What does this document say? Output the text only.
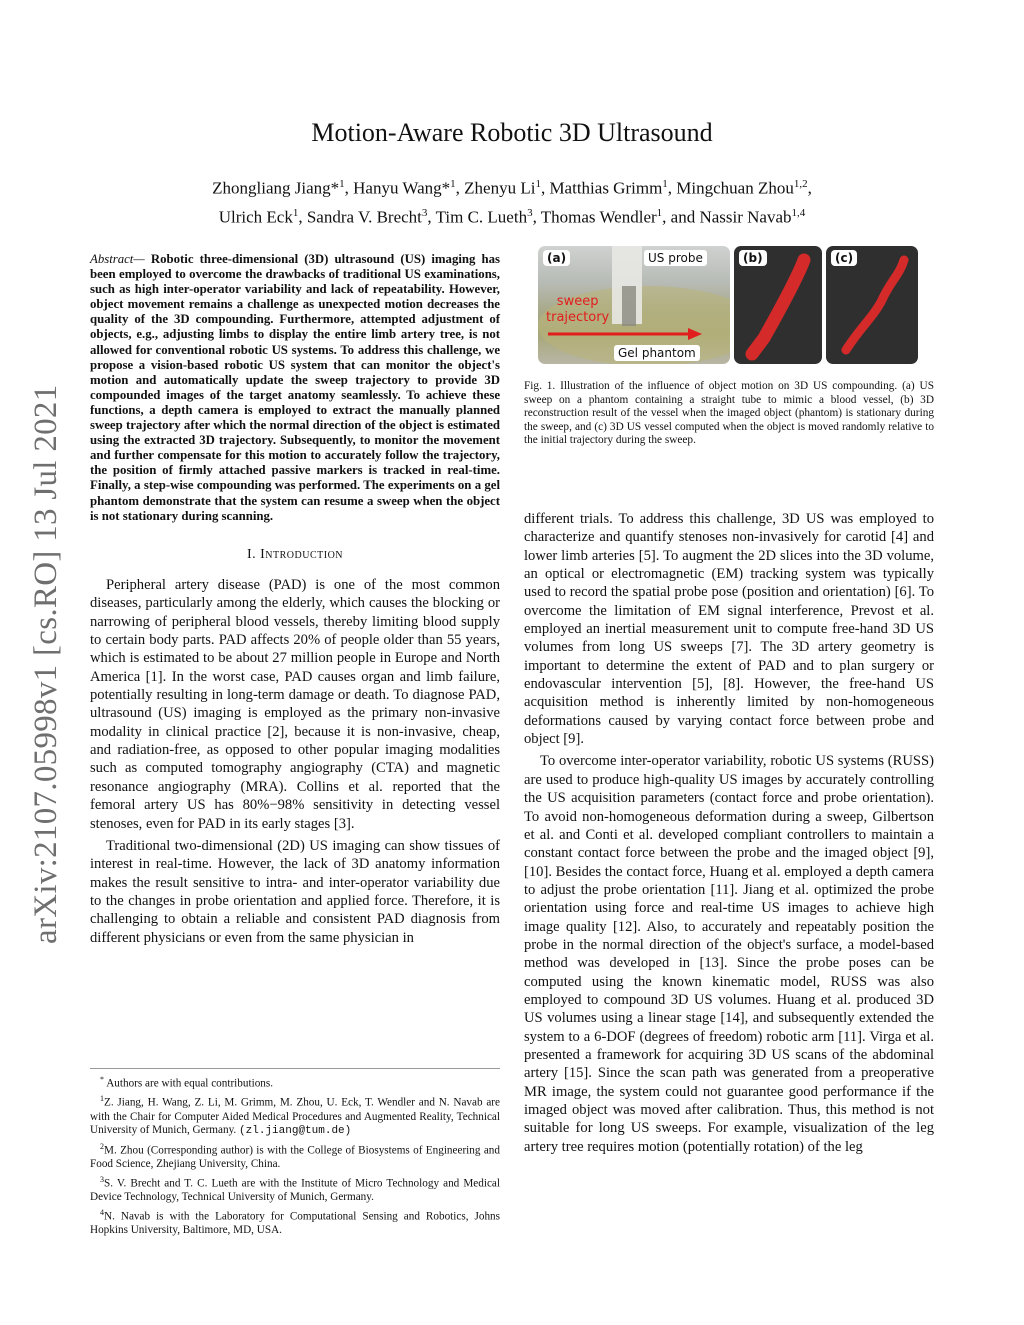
arXiv:2107.05998v1 [cs.RO] 13 Jul 2021
Motion-Aware Robotic 3D Ultrasound
Zhongliang Jiang*$^1$, Hanyu Wang*$^1$, Zhenyu Li$^1$, Matthias Grimm$^1$, Mingchuan Zhou$^{1,2}$,
Ulrich Eck$^1$, Sandra V. Brecht$^3$, Tim C. Lueth$^3$, Thomas Wendler$^1$, and Nassir Navab$^{1,4}$
Abstract— Robotic three-dimensional (3D) ultrasound (US) imaging has been employed to overcome the drawbacks of traditional US examinations, such as high inter-operator variability and lack of repeatability. However, object movement remains a challenge as unexpected motion decreases the quality of the 3D compounding. Furthermore, attempted adjustment of objects, e.g., adjusting limbs to display the entire limb artery tree, is not allowed for conventional robotic US systems. To address this challenge, we propose a vision-based robotic US system that can monitor the object's motion and automatically update the sweep trajectory to provide 3D compounded images of the target anatomy seamlessly. To achieve these functions, a depth camera is employed to extract the manually planned sweep trajectory after which the normal direction of the object is estimated using the extracted 3D trajectory. Subsequently, to monitor the movement and further compensate for this motion to accurately follow the trajectory, the position of firmly attached passive markers is tracked in real-time. Finally, a step-wise compounding was performed. The experiments on a gel phantom demonstrate that the system can resume a sweep when the object is not stationary during scanning.
I. Introduction

Peripheral artery disease (PAD) is one of the most common diseases, particularly among the elderly, which causes the blocking or narrowing of peripheral blood vessels, thereby limiting blood supply to certain body parts. PAD affects 20% of people older than 55 years, which is estimated to be about 27 million people in Europe and North America [1]. In the worst case, PAD causes organ and limb failure, potentially resulting in long-term damage or death. To diagnose PAD, ultrasound (US) imaging is employed as the primary non-invasive modality in clinical practice [2], because it is non-invasive, cheap, and radiation-free, as opposed to other popular imaging modalities such as computed tomography angiography (CTA) and magnetic resonance angiography (MRA). Collins et al. reported that the femoral artery US has 80%−98% sensitivity in detecting vessel stenoses, even for PAD in its early stages [3].

Traditional two-dimensional (2D) US imaging can show tissues of interest in real-time. However, the lack of 3D anatomy information makes the result sensitive to intra- and inter-operator variability due to the changes in probe orientation and applied force. Therefore, it is challenging to obtain a reliable and consistent PAD diagnosis from different physicians or even from the same physician in

* Authors are with equal contributions.

$^1$Z. Jiang, H. Wang, Z. Li, M. Grimm, M. Zhou, U. Eck, T. Wendler and N. Navab are with the Chair for Computer Aided Medical Procedures and Augmented Reality, Technical University of Munich, Germany. (zl.jiang@tum.de)

$^2$M. Zhou (Corresponding author) is with the College of Biosystems of Engineering and Food Science, Zhejiang University, China.

$^3$S. V. Brecht and T. C. Lueth are with the Institute of Micro Technology and Medical Device Technology, Technical University of Munich, Germany.

$^4$N. Navab is with the Laboratory for Computational Sensing and Robotics, Johns Hopkins University, Baltimore, MD, USA.

(a)	US probe
sweep
trajectory
Gel phantom
(b)	(c)
Fig. 1. Illustration of the influence of object motion on 3D US compounding. (a) US sweep on a phantom containing a straight tube to mimic a blood vessel, (b) 3D reconstruction result of the vessel when the imaged object (phantom) is stationary during the sweep, and (c) 3D US vessel computed when the object is moved randomly relative to the initial trajectory during the sweep.

different trials. To address this challenge, 3D US was employed to characterize and quantify stenoses non-invasively for carotid [4] and lower limb arteries [5]. To augment the 2D slices into the 3D volume, an optical or electromagnetic (EM) tracking system was typically used to record the spatial probe pose (position and orientation) [6]. To overcome the limitation of EM signal interference, Prevost et al. employed an inertial measurement unit to compute free-hand 3D US volumes from long US sweeps [7]. The 3D artery geometry is important to determine the extent of PAD and to plan surgery or endovascular intervention [5], [8]. However, the free-hand US acquisition method is inherently limited by non-homogeneous deformations caused by varying contact force between probe and object [9].

To overcome inter-operator variability, robotic US systems (RUSS) are used to produce high-quality US images by accurately controlling the US acquisition parameters (contact force and probe orientation). To avoid non-homogeneous deformation during a sweep, Gilbertson et al. and Conti et al. developed compliant controllers to maintain a constant contact force between the probe and the imaged object [9], [10]. Besides the contact force, Huang et al. employed a depth camera to adjust the probe orientation [11]. Jiang et al. optimized the probe orientation using force and real-time US images to achieve high image quality [12]. Also, to accurately and repeatably position the probe in the normal direction of the object's surface, a model-based method was developed in [13]. Since the probe poses can be computed using the known kinematic model, RUSS was also employed to compound 3D US volumes. Huang et al. produced 3D US volumes using a linear stage [14], and subsequently extended the system to a 6-DOF (degrees of freedom) robotic arm [11]. Virga et al. presented a framework for acquiring 3D US scans of the abdominal artery [15]. Since the scan path was generated from a preoperative MR image, the system could not guarantee good performance if the imaged object was moved after calibration. Thus, this method is not suitable for long US sweeps. For example, visualization of the leg artery tree requires motion (potentially rotation) of the leg
